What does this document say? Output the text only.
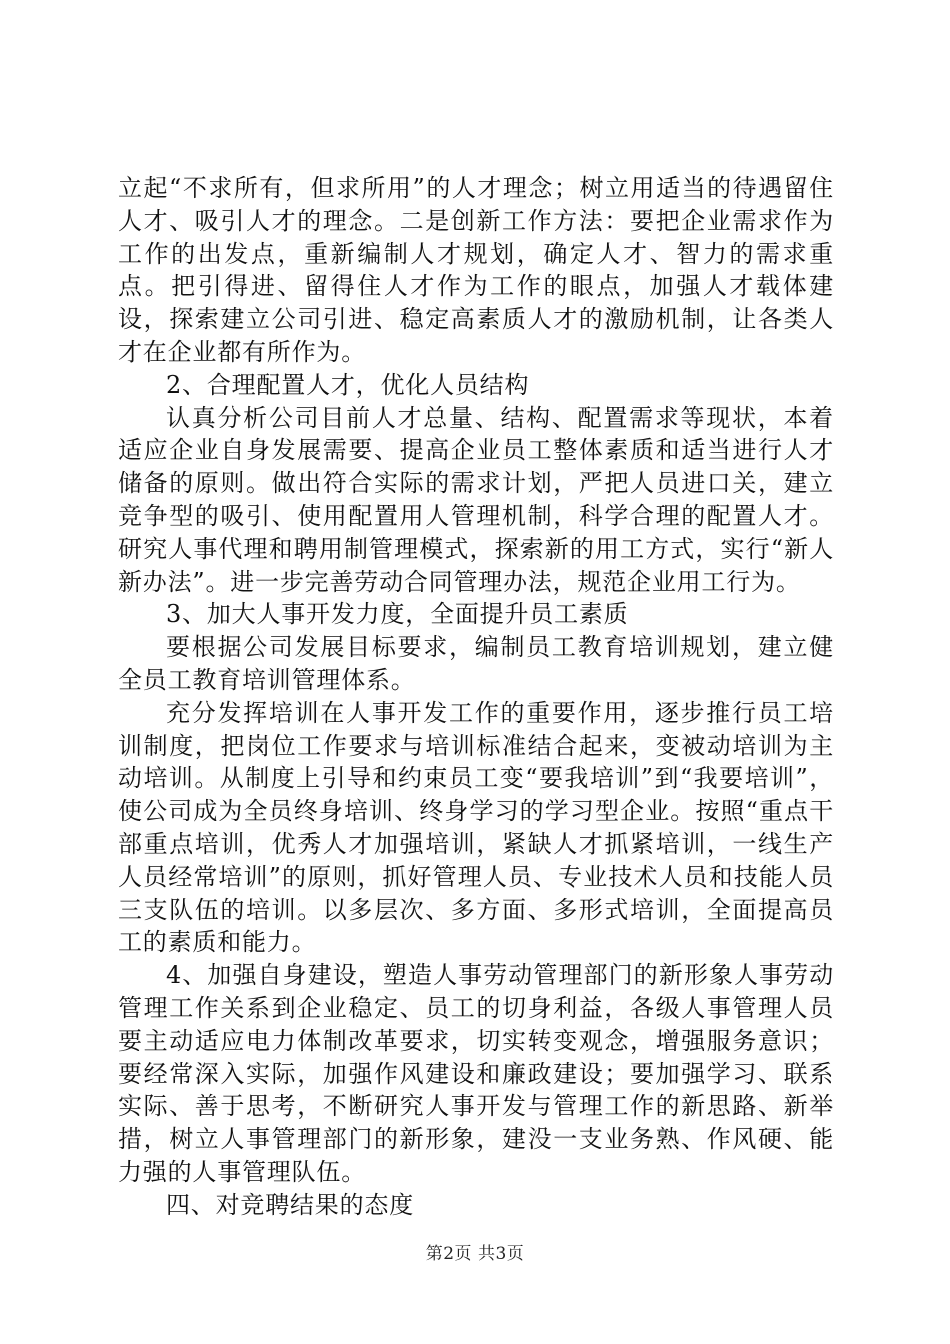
立起“不求所有，但求所用”的人才理念；树立用适当的待遇留住人才、吸引人才的理念。二是创新工作方法：要把企业需求作为工作的出发点，重新编制人才规划，确定人才、智力的需求重点。把引得进、留得住人才作为工作的眼点，加强人才载体建设，探索建立公司引进、稳定高素质人才的激励机制，让各类人才在企业都有所作为。

2、合理配置人才，优化人员结构

认真分析公司目前人才总量、结构、配置需求等现状，本着适应企业自身发展需要、提高企业员工整体素质和适当进行人才储备的原则。做出符合实际的需求计划，严把人员进口关，建立竞争型的吸引、使用配置用人管理机制，科学合理的配置人才。研究人事代理和聘用制管理模式，探索新的用工方式，实行“新人新办法”。进一步完善劳动合同管理办法，规范企业用工行为。

3、加大人事开发力度，全面提升员工素质

要根据公司发展目标要求，编制员工教育培训规划，建立健全员工教育培训管理体系。

充分发挥培训在人事开发工作的重要作用，逐步推行员工培训制度，把岗位工作要求与培训标准结合起来，变被动培训为主动培训。从制度上引导和约束员工变“要我培训”到“我要培训”，使公司成为全员终身培训、终身学习的学习型企业。按照“重点干部重点培训，优秀人才加强培训，紧缺人才抓紧培训，一线生产人员经常培训”的原则，抓好管理人员、专业技术人员和技能人员三支队伍的培训。以多层次、多方面、多形式培训，全面提高员工的素质和能力。

4、加强自身建设，塑造人事劳动管理部门的新形象人事劳动管理工作关系到企业稳定、员工的切身利益，各级人事管理人员要主动适应电力体制改革要求，切实转变观念，增强服务意识；要经常深入实际，加强作风建设和廉政建设；要加强学习、联系实际、善于思考，不断研究人事开发与管理工作的新思路、新举措，树立人事管理部门的新形象，建没一支业务熟、作风硬、能力强的人事管理队伍。

四、对竞聘结果的态度

第2页 共3页
